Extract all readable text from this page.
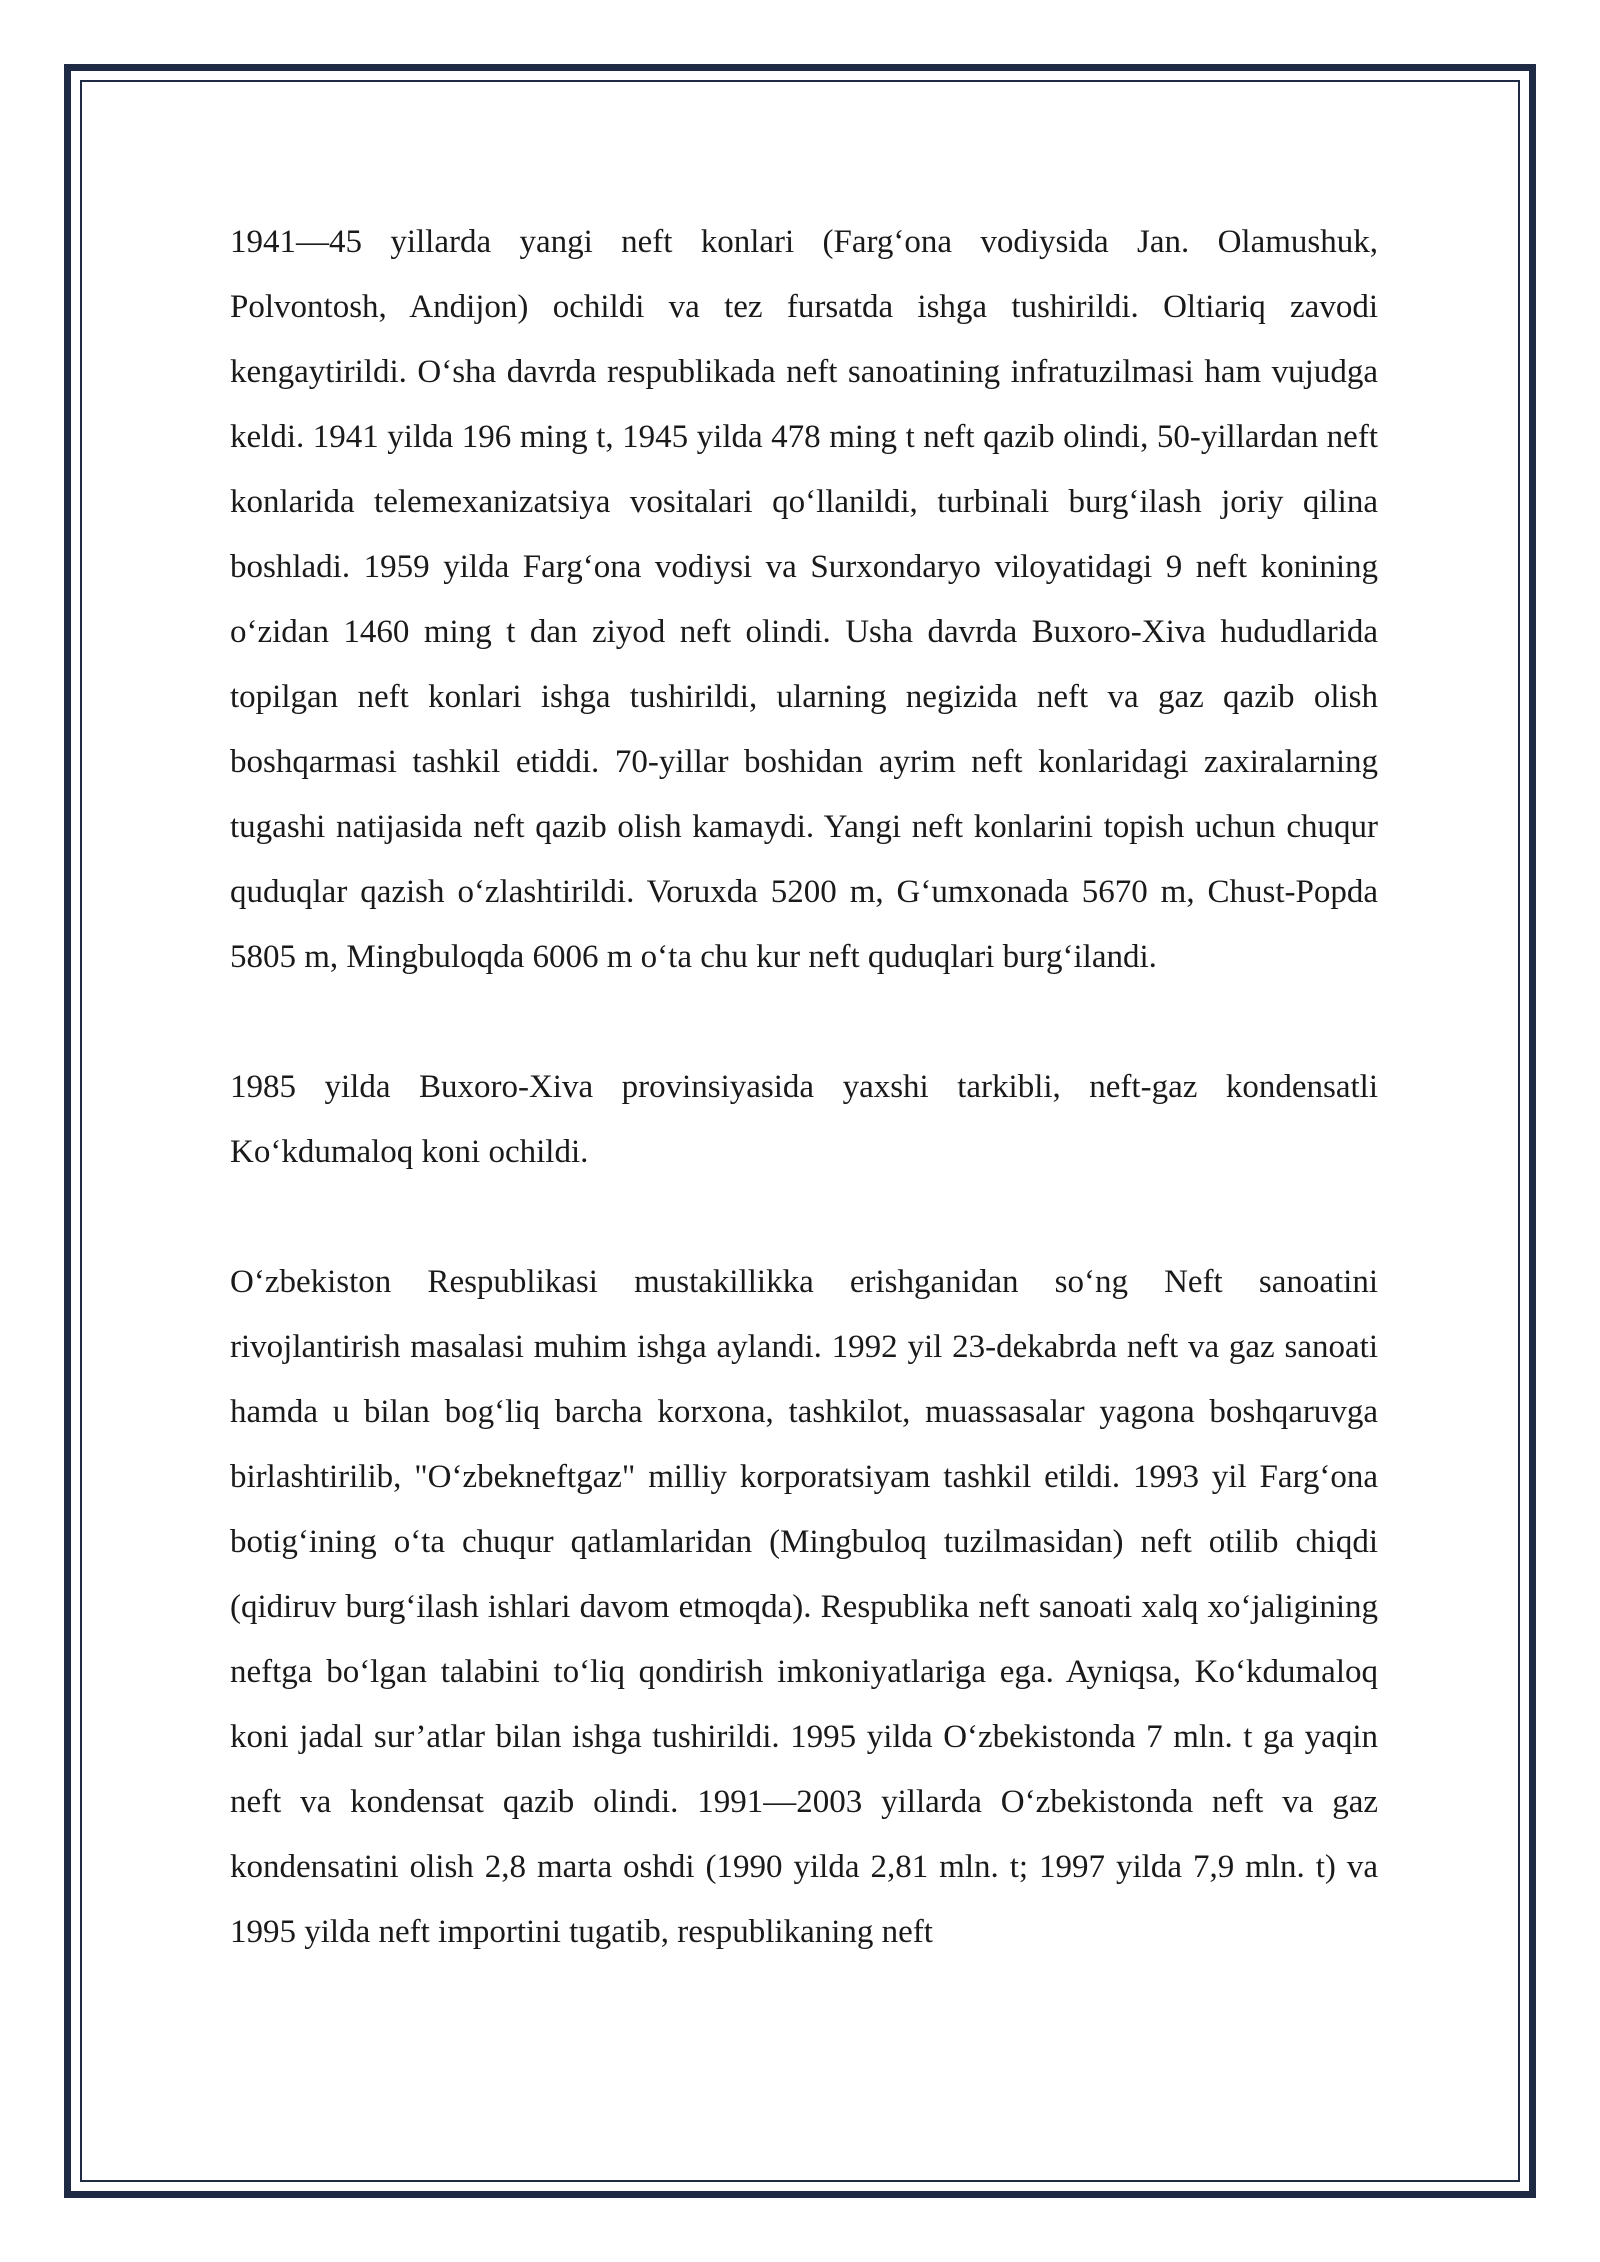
1941—45 yillarda yangi neft konlari (Farg‘ona vodiysida Jan. Olamushuk, Polvontosh, Andijon) ochildi va tez fursatda ishga tushirildi. Oltiariq zavodi kengaytirildi. O‘sha davrda respublikada neft sanoatining infratuzilmasi ham vujudga keldi. 1941 yilda 196 ming t, 1945 yilda 478 ming t neft qazib olindi, 50-yillardan neft konlarida telemexanizatsiya vositalari qo‘llanildi, turbinali burg‘ilash joriy qilina boshladi. 1959 yilda Farg‘ona vodiysi va Surxondaryo viloyatidagi 9 neft konining o‘zidan 1460 ming t dan ziyod neft olindi. Usha davrda Buxoro-Xiva hududlarida topilgan neft konlari ishga tushirildi, ularning negizida neft va gaz qazib olish boshqarmasi tashkil etiddi. 70-yillar boshidan ayrim neft konlaridagi zaxiralarning tugashi natijasida neft qazib olish kamaydi. Yangi neft konlarini topish uchun chuqur quduqlar qazish o‘zlashtirildi. Voruxda 5200 m, G‘umxonada 5670 m, Chust-Popda 5805 m, Mingbuloqda 6006 m o‘ta chu kur neft quduqlari burg‘ilandi.

1985 yilda Buxoro-Xiva provinsiyasida yaxshi tarkibli, neft-gaz kondensatli Ko‘kdumaloq koni ochildi.

O‘zbekiston Respublikasi mustakillikka erishganidan so‘ng Neft sanoatini rivojlantirish masalasi muhim ishga aylandi. 1992 yil 23-dekabrda neft va gaz sanoati hamda u bilan bog‘liq barcha korxona, tashkilot, muassasalar yagona boshqaruvga birlashtirilib, "O‘zbekneftgaz" milliy korporatsiyam tashkil etildi. 1993 yil Farg‘ona botig‘ining o‘ta chuqur qatlamlaridan (Mingbuloq tuzilmasidan) neft otilib chiqdi (qidiruv burg‘ilash ishlari davom etmoqda). Respublika neft sanoati xalq xo‘jaligining neftga bo‘lgan talabini to‘liq qondirish imkoniyatlariga ega. Ayniqsa, Ko‘kdumaloq koni jadal sur’atlar bilan ishga tushirildi. 1995 yilda O‘zbekistonda 7 mln. t ga yaqin neft va kondensat qazib olindi. 1991—2003 yillarda O‘zbekistonda neft va gaz kondensatini olish 2,8 marta oshdi (1990 yilda 2,81 mln. t; 1997 yilda 7,9 mln. t) va 1995 yilda neft importini tugatib, respublikaning neft
